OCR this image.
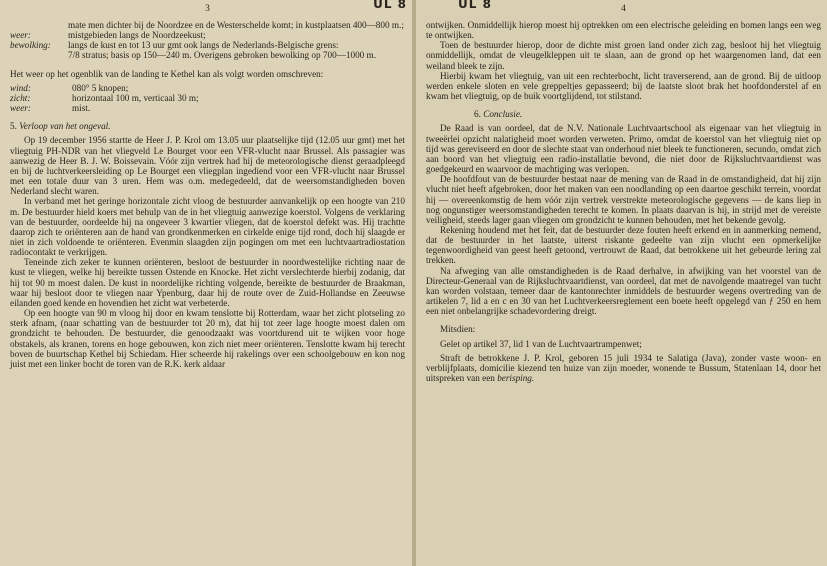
UL 8
3
mate men dichter bij de Noordzee en de Westerschelde komt; in kustplaatsen 400—800 m.;
weer:	mistgebieden langs de Noordzeekust;
bewolking:	langs de kust en tot 13 uur gmt ook langs de Nederlands-Belgische grens:
7/8 stratus; basis op 150—240 m. Overigens gebroken bewolking op 700—1000 m.

Het weer op het ogenblik van de landing te Kethel kan als volgt worden omschreven:

wind:	080° 5 knopen;
zicht:	horizontaal 100 m, verticaal 30 m;
weer:	mist.
5. Verloop van het ongeval.

Op 19 december 1956 startte de Heer J. P. Krol om 13.05 uur plaatselijke tijd (12.05 uur gmt) met het vliegtuig PH-NDR van het vliegveld Le Bourget voor een VFR-vlucht naar Brussel. Als passagier was aanwezig de Heer B. J. W. Boissevain. Vóór zijn vertrek had hij de meteorologische dienst geraadpleegd en bij de luchtverkeersleiding op Le Bourget een vliegplan ingediend voor een VFR-vlucht naar Brussel met een totale duur van 3 uren. Hem was o.m. medegedeeld, dat de weersomstandigheden boven Nederland slecht waren.

In verband met het geringe horizontale zicht vloog de bestuurder aanvankelijk op een hoogte van 210 m. De bestuurder hield koers met behulp van de in het vliegtuig aanwezige koerstol. Volgens de verklaring van de bestuurder, oordeelde hij na ongeveer 3 kwartier vliegen, dat de koerstol defekt was. Hij trachtte daarop zich te oriënteren aan de hand van grondkenmerken en cirkelde enige tijd rond, doch hij slaagde er niet in zich voldoende te oriënteren. Evenmin slaagden zijn pogingen om met een luchtvaartradiostation radiocontakt te verkrijgen.

Teneinde zich zeker te kunnen oriënteren, besloot de bestuurder in noordwestelijke richting naar de kust te vliegen, welke hij bereikte tussen Ostende en Knocke. Het zicht verslechterde hierbij zodanig, dat hij tot 90 m moest dalen. De kust in noordelijke richting volgende, bereikte de bestuurder de Braakman, waar hij besloot door te vliegen naar Ypenburg, daar hij de route over de Zuid-Hollandse en Zeeuwse eilanden goed kende en hovendien het zicht wat verbeterde.

Op een hoogte van 90 m vloog hij door en kwam tenslotte bij Rotterdam, waar het zicht plotseling zo sterk afnam, (naar schatting van de bestuurder tot 20 m), dat hij tot zeer lage hoogte moest dalen om grondzicht te behouden. De bestuurder, die genoodzaakt was voortdurend uit te wijken voor hoge obstakels, als kranen, torens en hoge gebouwen, kon zich niet meer oriënteren. Tenslotte kwam hij terecht boven de buurtschap Kethel bij Schiedam. Hier scheerde hij rakelings over een schoolgebouw en kon nog juist met een linker bocht de toren van de R.K. kerk aldaar

UL 8	4

ontwijken. Onmiddellijk hierop moest hij optrekken om een electrische geleiding en bomen langs een weg te ontwijken.

Toen de bestuurder hierop, door de dichte mist groen land onder zich zag, besloot hij het vliegtuig onmiddellijk, omdat de vleugelkleppen uit te slaan, aan de grond op het waargenomen land, dat een weiland bleek te zijn.

Hierbij kwam het vliegtuig, van uit een rechterbocht, licht traverserend, aan de grond. Bij de uitloop werden enkele sloten en vele greppeltjes gepasseerd; bij de laatste sloot brak het hoofdonderstel af en kwam het vliegtuig, op de buik voortglijdend, tot stilstand.

6. Conclusie.

De Raad is van oordeel, dat de N.V. Nationale Luchtvaartschool als eigenaar van het vliegtuig in tweeërlei opzicht nalatigheid moet worden verweten. Primo, omdat de koerstol van het vliegtuig niet op tijd was gereviseerd en door de slechte staat van onderhoud niet bleek te functioneren, secundo, omdat zich aan boord van het vliegtuig een radio-installatie bevond, die niet door de Rijksluchtvaartdienst was goedgekeurd en waarvoor de machtiging was verlopen.

De hoofdfout van de bestuurder bestaat naar de mening van de Raad in de omstandigheid, dat hij zijn vlucht niet heeft afgebroken, door het maken van een noodlanding op een daartoe geschikt terrein, voordat hij — overeenkomstig de hem vóór zijn vertrek verstrekte meteorologische gegevens — de kans liep in nog ongunstiger weersomstandigheden terecht te komen. In plaats daarvan is hij, in strijd met de vereiste veiligheid, steeds lager gaan vliegen om grondzicht te kunnen behouden, met het bekende gevolg.

Rekening houdend met het feit, dat de bestuurder deze fouten heeft erkend en in aanmerking nemend, dat de bestuurder in het laatste, uiterst riskante gedeelte van zijn vlucht een opmerkelijke tegenwoordigheid van geest heeft getoond, vertrouwt de Raad, dat betrokkene uit het gebeurde lering zal trekken.

Na afweging van alle omstandigheden is de Raad derhalve, in afwijking van het voorstel van de Directeur-Generaal van de Rijksluchtvaartdienst, van oordeel, dat met de navolgende maatregel van tucht kan worden volstaan, temeer daar de kantonrechter inmiddels de bestuurder wegens overtreding van de artikelen 7, lid a en c en 30 van het Luchtverkeersreglement een boete heeft opgelegd van ƒ 250 en hem een niet onbelangrijke schadevordering dreigt.

Mitsdien:

Gelet op artikel 37, lid 1 van de Luchtvaartrampenwet;

Straft de betrokkene J. P. Krol, geboren 15 juli 1934 te Salatiga (Java), zonder vaste woon- en verblijfplaats, domicilie kiezend ten huize van zijn moeder, wonende te Bussum, Statenlaan 14, door het uitspreken van een berisping.
